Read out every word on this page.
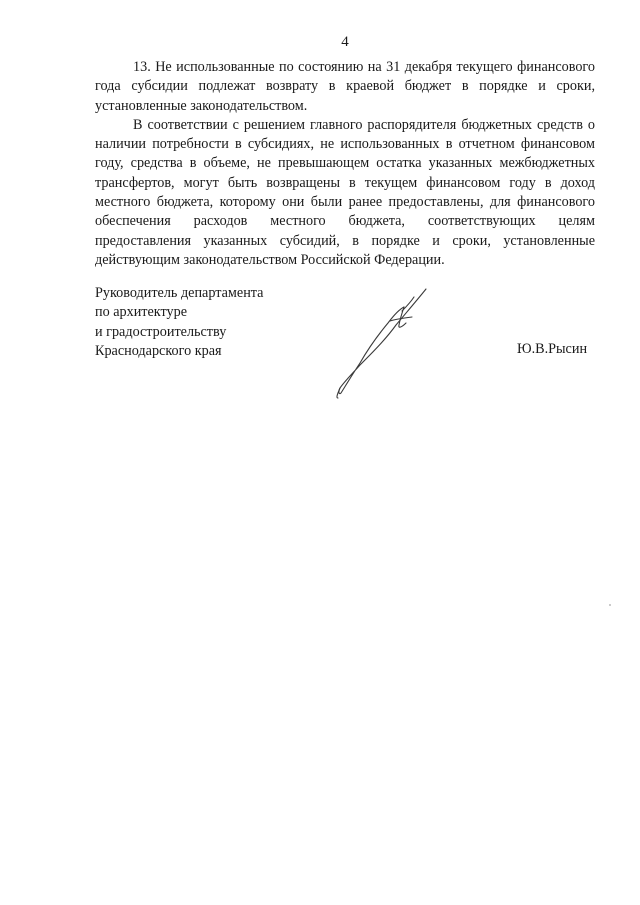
4

13. Не использованные по состоянию на 31 декабря текущего финансового года субсидии подлежат возврату в краевой бюджет в порядке и сроки, установленные законодательством.

В соответствии с решением главного распорядителя бюджетных средств о наличии потребности в субсидиях, не использованных в отчетном финансовом году, средства в объеме, не превышающем остатка указанных межбюджетных трансфертов, могут быть возвращены в текущем финансовом году в доход местного бюджета, которому они были ранее предоставлены, для финансового обеспечения расходов местного бюджета, соответствующих целям предоставления указанных субсидий, в порядке и сроки, установленные действующим законодательством Российской Федерации.

Руководитель департамента
по архитектуре
и градостроительству
Краснодарского края	Ю.В.Рысин
